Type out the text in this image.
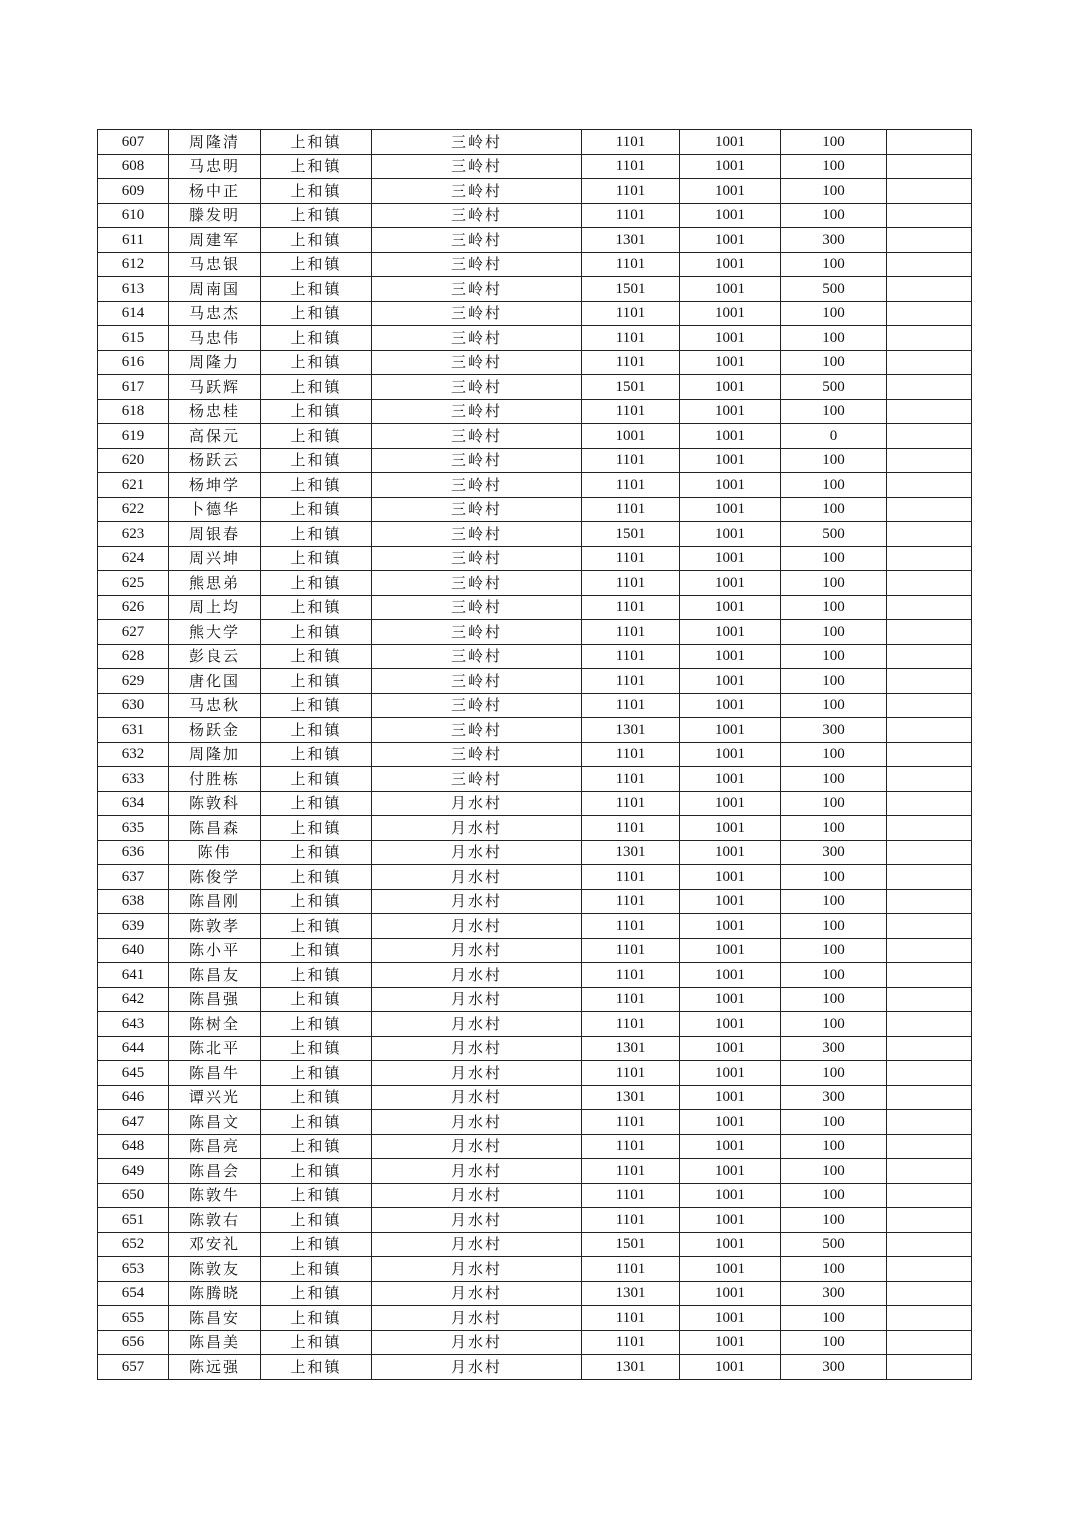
607	周隆清	上和镇	三岭村	1101	1001	100	
608	马忠明	上和镇	三岭村	1101	1001	100	
609	杨中正	上和镇	三岭村	1101	1001	100	
610	滕发明	上和镇	三岭村	1101	1001	100	
611	周建军	上和镇	三岭村	1301	1001	300	
612	马忠银	上和镇	三岭村	1101	1001	100	
613	周南国	上和镇	三岭村	1501	1001	500	
614	马忠杰	上和镇	三岭村	1101	1001	100	
615	马忠伟	上和镇	三岭村	1101	1001	100	
616	周隆力	上和镇	三岭村	1101	1001	100	
617	马跃辉	上和镇	三岭村	1501	1001	500	
618	杨忠桂	上和镇	三岭村	1101	1001	100	
619	高保元	上和镇	三岭村	1001	1001	0	
620	杨跃云	上和镇	三岭村	1101	1001	100	
621	杨坤学	上和镇	三岭村	1101	1001	100	
622	卜德华	上和镇	三岭村	1101	1001	100	
623	周银春	上和镇	三岭村	1501	1001	500	
624	周兴坤	上和镇	三岭村	1101	1001	100	
625	熊思弟	上和镇	三岭村	1101	1001	100	
626	周上均	上和镇	三岭村	1101	1001	100	
627	熊大学	上和镇	三岭村	1101	1001	100	
628	彭良云	上和镇	三岭村	1101	1001	100	
629	唐化国	上和镇	三岭村	1101	1001	100	
630	马忠秋	上和镇	三岭村	1101	1001	100	
631	杨跃金	上和镇	三岭村	1301	1001	300	
632	周隆加	上和镇	三岭村	1101	1001	100	
633	付胜栋	上和镇	三岭村	1101	1001	100	
634	陈敦科	上和镇	月水村	1101	1001	100	
635	陈昌森	上和镇	月水村	1101	1001	100	
636	陈伟	上和镇	月水村	1301	1001	300	
637	陈俊学	上和镇	月水村	1101	1001	100	
638	陈昌刚	上和镇	月水村	1101	1001	100	
639	陈敦孝	上和镇	月水村	1101	1001	100	
640	陈小平	上和镇	月水村	1101	1001	100	
641	陈昌友	上和镇	月水村	1101	1001	100	
642	陈昌强	上和镇	月水村	1101	1001	100	
643	陈树全	上和镇	月水村	1101	1001	100	
644	陈北平	上和镇	月水村	1301	1001	300	
645	陈昌牛	上和镇	月水村	1101	1001	100	
646	谭兴光	上和镇	月水村	1301	1001	300	
647	陈昌文	上和镇	月水村	1101	1001	100	
648	陈昌亮	上和镇	月水村	1101	1001	100	
649	陈昌会	上和镇	月水村	1101	1001	100	
650	陈敦牛	上和镇	月水村	1101	1001	100	
651	陈敦右	上和镇	月水村	1101	1001	100	
652	邓安礼	上和镇	月水村	1501	1001	500	
653	陈敦友	上和镇	月水村	1101	1001	100	
654	陈腾晓	上和镇	月水村	1301	1001	300	
655	陈昌安	上和镇	月水村	1101	1001	100	
656	陈昌美	上和镇	月水村	1101	1001	100	
657	陈远强	上和镇	月水村	1301	1001	300	
